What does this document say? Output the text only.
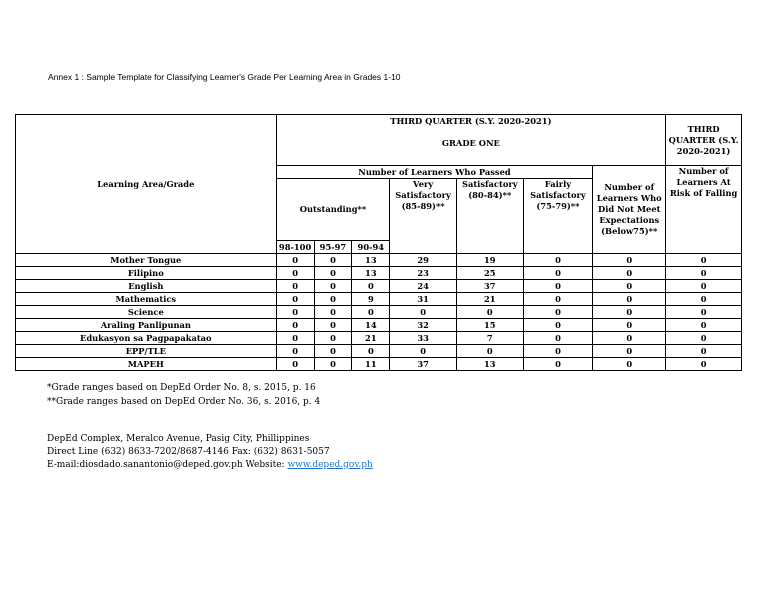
Annex 1 : Sample Template for Classifying Learner's Grade Per Learning Area in Grades 1-10
Learning Area/Grade	THIRD QUARTER (S.Y. 2020-2021)
GRADE ONE							THIRD QUARTER (S.Y. 2020-2021)
	Number of Learners Who Passed						Number of Learners Who Did Not Meet Expectations (Below75)**	Number of Learners At Risk of Falling
	Outstanding**			Very Satisfactory (85-89)**	Satisfactory (80-84)**	Fairly Satisfactory (75-79)**		
	98-100	95-97	90-94					
Mother Tongue	0	0	13	29	19	0	0	0
Filipino	0	0	13	23	25	0	0	0
English	0	0	0	24	37	0	0	0
Mathematics	0	0	9	31	21	0	0	0
Science	0	0	0	0	0	0	0	0
Araling Panlipunan	0	0	14	32	15	0	0	0
Edukasyon sa Pagpapakatao	0	0	21	33	7	0	0	0
EPP/TLE	0	0	0	0	0	0	0	0
MAPEH	0	0	11	37	13	0	0	0
*Grade ranges based on DepEd Order No. 8, s. 2015, p. 16
**Grade ranges based on DepEd Order No. 36, s. 2016, p. 4
DepEd Complex, Meralco Avenue, Pasig City, Phillippines
Direct Line (632) 8633-7202/8687-4146 Fax: (632) 8631-5057
E-mail:diosdado.sanantonio@deped.gov.ph Website: www.deped.gov.ph
